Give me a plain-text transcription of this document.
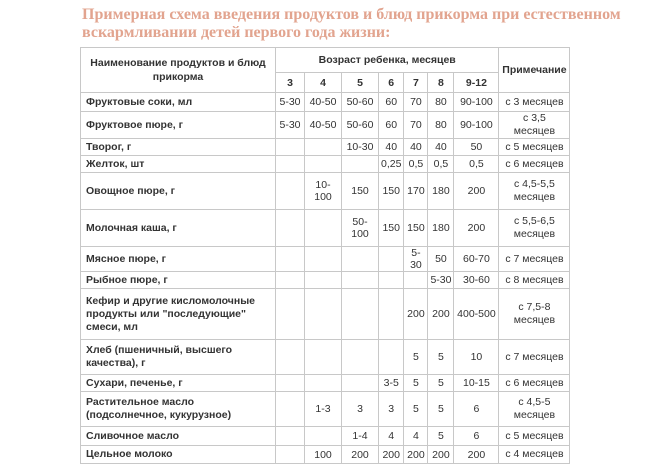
Примерная схема введения продуктов и блюд прикорма при естественном вскармливании детей первого года жизни:
Наименование продуктов и блюд прикорма	Возраст ребенка, месяцев							Примечание
	3	4	5	6	7	8	9-12	
Фруктовые соки, мл	5-30	40-50	50-60	60	70	80	90-100	с 3 месяцев
Фруктовое пюре, г	5-30	40-50	50-60	60	70	80	90-100	с 3,5 месяцев
Творог, г			10-30	40	40	40	50	с 5 месяцев
Желток, шт				0,25	0,5	0,5	0,5	с 6 месяцев
Овощное пюре, г		10-100	150	150	170	180	200	с 4,5-5,5 месяцев
Молочная каша, г			50-100	150	150	180	200	с 5,5-6,5 месяцев
Мясное пюре, г					5-30	50	60-70	с 7 месяцев
Рыбное пюре, г						5-30	30-60	с 8 месяцев
Кефир и другие кисломолочные продукты или "последующие" смеси, мл					200	200	400-500	с 7,5-8 месяцев
Хлеб (пшеничный, высшего качества), г					5	5	10	с 7 месяцев
Сухари, печенье, г				3-5	5	5	10-15	с 6 месяцев
Растительное масло (подсолнечное, кукурузное)		1-3	3	3	5	5	6	с 4,5-5 месяцев
Сливочное масло			1-4	4	4	5	6	с 5 месяцев
Цельное молоко		100	200	200	200	200	200	с 4 месяцев
